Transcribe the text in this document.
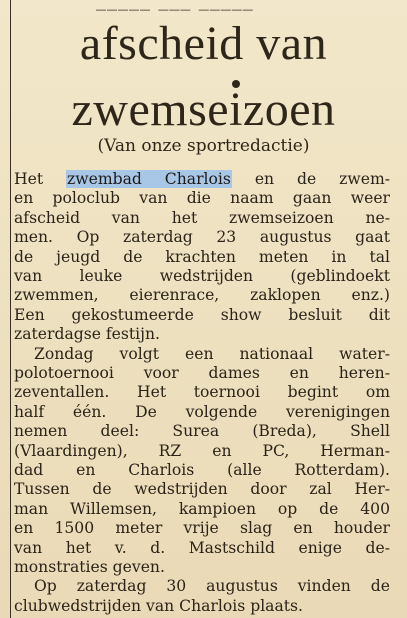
afscheid van
zwemseizoen
(Van onze sportredactie)
Het zwembad Charlois en de zwem-
en poloclub van die naam gaan weer
afscheid van het zwemseizoen ne-
men. Op zaterdag 23 augustus gaat
de jeugd de krachten meten in tal
van leuke wedstrijden (geblindoekt
zwemmen, eierenrace, zaklopen enz.)
Een gekostumeerde show besluit dit
zaterdagse festijn.
Zondag volgt een nationaal water-
polotoernooi voor dames en heren-
zeventallen. Het toernooi begint om
half één. De volgende verenigingen
nemen deel: Surea (Breda), Shell
(Vlaardingen), RZ en PC, Herman-
dad en Charlois (alle Rotterdam).
Tussen de wedstrijden door zal Her-
man Willemsen, kampioen op de 400
en 1500 meter vrije slag en houder
van het v. d. Mastschild enige de-
monstraties geven.
Op zaterdag 30 augustus vinden de
clubwedstrijden van Charlois plaats.
